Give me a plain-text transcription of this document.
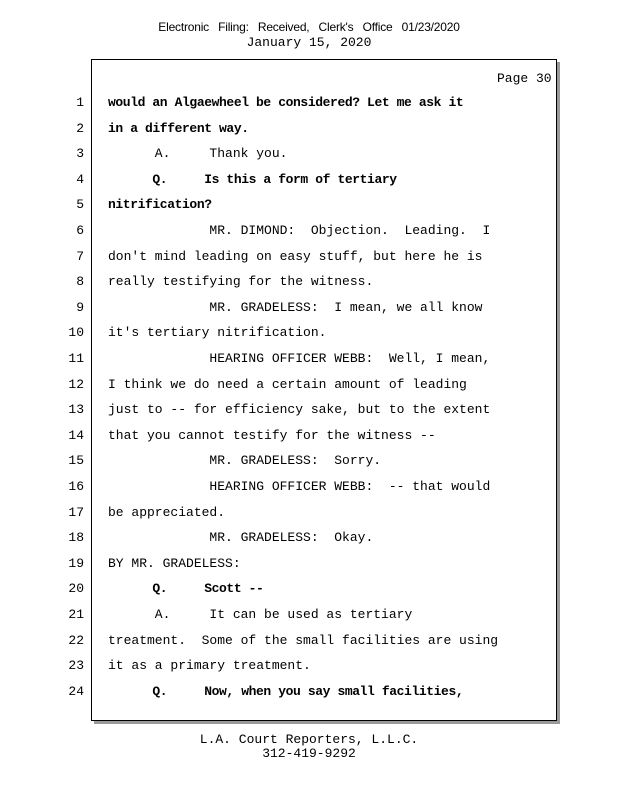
Electronic Filing: Received, Clerk's Office 01/23/2020
January 15, 2020
Page 30
1 would an Algaewheel be considered? Let me ask it
2 in a different way.
3 A.     Thank you.
4 Q.     Is this a form of tertiary
5 nitrification?
6 MR. DIMOND:  Objection.  Leading.  I
7 don't mind leading on easy stuff, but here he is
8 really testifying for the witness.
9 MR. GRADELESS:  I mean, we all know
10 it's tertiary nitrification.
11 HEARING OFFICER WEBB:  Well, I mean,
12 I think we do need a certain amount of leading
13 just to -- for efficiency sake, but to the extent
14 that you cannot testify for the witness --
15 MR. GRADELESS:  Sorry.
16 HEARING OFFICER WEBB:  -- that would
17 be appreciated.
18 MR. GRADELESS:  Okay.
19 BY MR. GRADELESS:
20 Q.     Scott --
21 A.     It can be used as tertiary
22 treatment.  Some of the small facilities are using
23 it as a primary treatment.
24 Q.     Now, when you say small facilities,
L.A. Court Reporters, L.L.C.
312-419-9292
